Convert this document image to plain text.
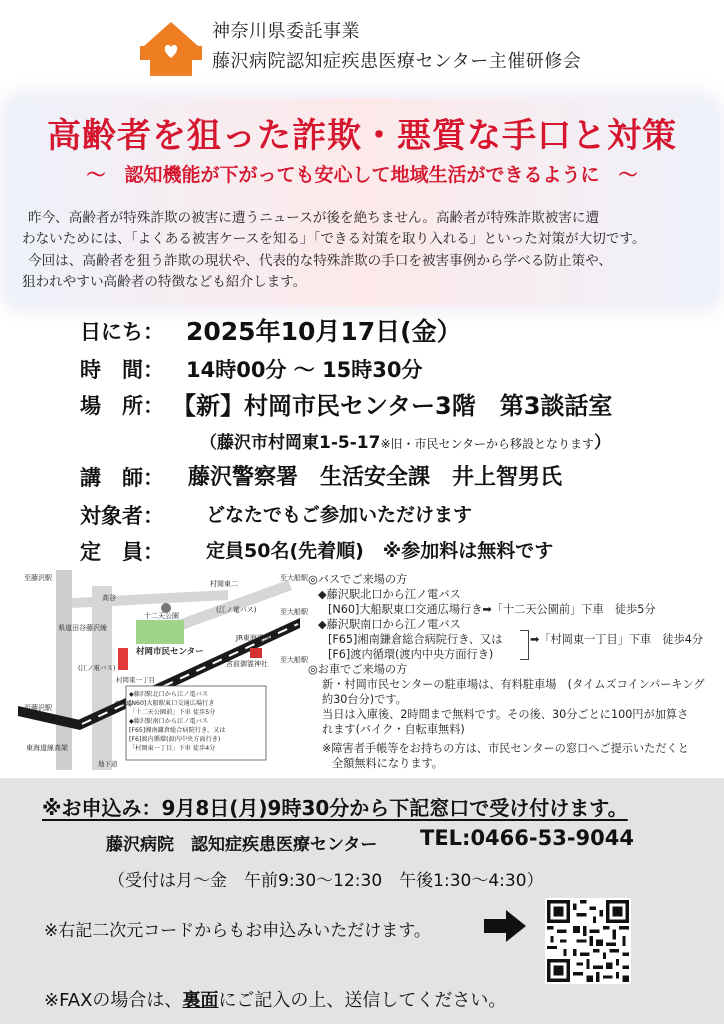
神奈川県委託事業
藤沢病院認知症疾患医療センター主催研修会
高齢者を狙った詐欺・悪質な手口と対策
～　認知機能が下がっても安心して地域生活ができるように　～
昨今、高齢者が特殊詐欺の被害に遭うニュースが後を絶ちません。高齢者が特殊詐欺被害に遭
わないためには、「よくある被害ケースを知る」「できる対策を取り入れる」といった対策が大切です。
今回は、高齢者を狙う詐欺の現状や、代表的な特殊詐欺の手口を被害事例から学べる防止策や、
狙われやすい高齢者の特徴なども紹介します。
日にち： 2025年10月17日(金）
時　間： 14時00分 ～ 15時30分
場　所： 【新】村岡市民センター3階　第3談話室
（藤沢市村岡東1-5-17※旧・市民センターから移設となります）
講　師： 藤沢警察署　生活安全課　井上智男氏
対象者： どなたでもご参加いただけます
定　員： 定員50名(先着順)　※参加料は無料です
至藤沢駅
至藤沢駅
至大船駅
至大船駅
県道田谷藤沢線
高谷
村岡東二
(江ノ電バス)
十二天公園
村岡市民センター
宮前御霊神社
村岡東一丁目
(江ノ電バス)
JR東海道線
東海道線高架
草刈場
地下道
至大船駅
◆藤沢駅北口から江ノ電バス
[N60]大船駅東口交通広場行き
「十二天公園前」下車 徒歩5分
◆藤沢駅南口から江ノ電バス
[F65]湘南鎌倉総合病院行き、又は
[F6]渡内循環(渡内中央方面行き)
「村岡東一丁目」下車 徒歩4分
◎バスでご来場の方
◆藤沢駅北口から江ノ電バス
[N60]大船駅東口交通広場行き➡「十二天公園前」下車　徒歩5分
◆藤沢駅南口から江ノ電バス
[F65]湘南鎌倉総合病院行き、又は
[F6]渡内循環(渡内中央方面行き)
➡「村岡東一丁目」下車　徒歩4分
◎お車でご来場の方
新・村岡市民センターの駐車場は、有料駐車場　(タイムズコインパーキング
約30台分)です。
当日は入庫後、2時間まで無料です。その後、30分ごとに100円が加算さ
れます(バイク・自転車無料)
※障害者手帳等をお持ちの方は、市民センターの窓口へご提示いただくと
全額無料になります。
※お申込み：9月8日(月)9時30分から下記窓口で受け付けます。
藤沢病院　認知症疾患医療センター TEL:0466-53-9044
（受付は月～金　午前9:30～12:30　午後1:30～4:30）
※右記二次元コードからもお申込みいただけます。
※FAXの場合は、裏面にご記入の上、送信してください。
